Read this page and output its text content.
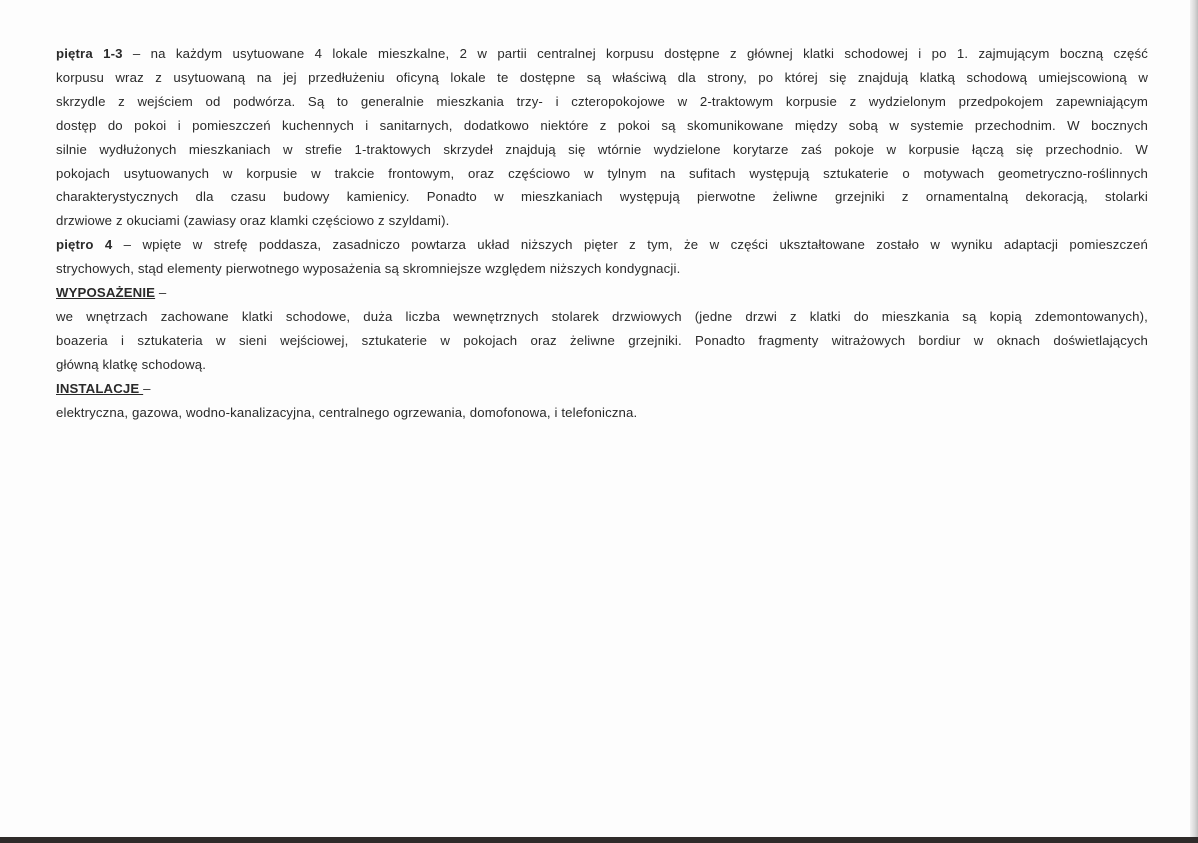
piętra 1-3 – na każdym usytuowane 4 lokale mieszkalne, 2 w partii centralnej korpusu dostępne z głównej klatki schodowej i po 1. zajmującym boczną część
korpusu wraz z usytuowaną na jej przedłużeniu oficyną lokale te dostępne są właściwą dla strony, po której się znajdują klatką schodową umiejscowioną w
skrzydle z wejściem od podwórza. Są to generalnie mieszkania trzy- i czteropokojowe w 2-traktowym korpusie z wydzielonym przedpokojem zapewniającym
dostęp do pokoi i pomieszczeń kuchennych i sanitarnych, dodatkowo niektóre z pokoi są skomunikowane między sobą w systemie przechodnim. W bocznych
silnie wydłużonych mieszkaniach w strefie 1-traktowych skrzydeł znajdują się wtórnie wydzielone korytarze zaś pokoje w korpusie łączą się przechodnio. W
pokojach usytuowanych w korpusie w trakcie frontowym, oraz częściowo w tylnym na sufitach występują sztukaterie o motywach geometryczno-roślinnych
charakterystycznych dla czasu budowy kamienicy. Ponadto w mieszkaniach występują pierwotne żeliwne grzejniki z ornamentalną dekoracją, stolarki
drzwiowe z okuciami (zawiasy oraz klamki częściowo z szyldami).
piętro 4 – wpięte w strefę poddasza, zasadniczo powtarza układ niższych pięter z tym, że w części ukształtowane zostało w wyniku adaptacji pomieszczeń
strychowych, stąd elementy pierwotnego wyposażenia są skromniejsze względem niższych kondygnacji.
WYPOSAŻENIE –
we wnętrzach zachowane klatki schodowe, duża liczba wewnętrznych stolarek drzwiowych (jedne drzwi z klatki do mieszkania są kopią zdemontowanych),
boazeria i sztukateria w sieni wejściowej, sztukaterie w pokojach oraz żeliwne grzejniki. Ponadto fragmenty witrażowych bordiur w oknach doświetlających
główną klatkę schodową.
INSTALACJE –
elektryczna, gazowa, wodno-kanalizacyjna, centralnego ogrzewania, domofonowa, i telefoniczna.
